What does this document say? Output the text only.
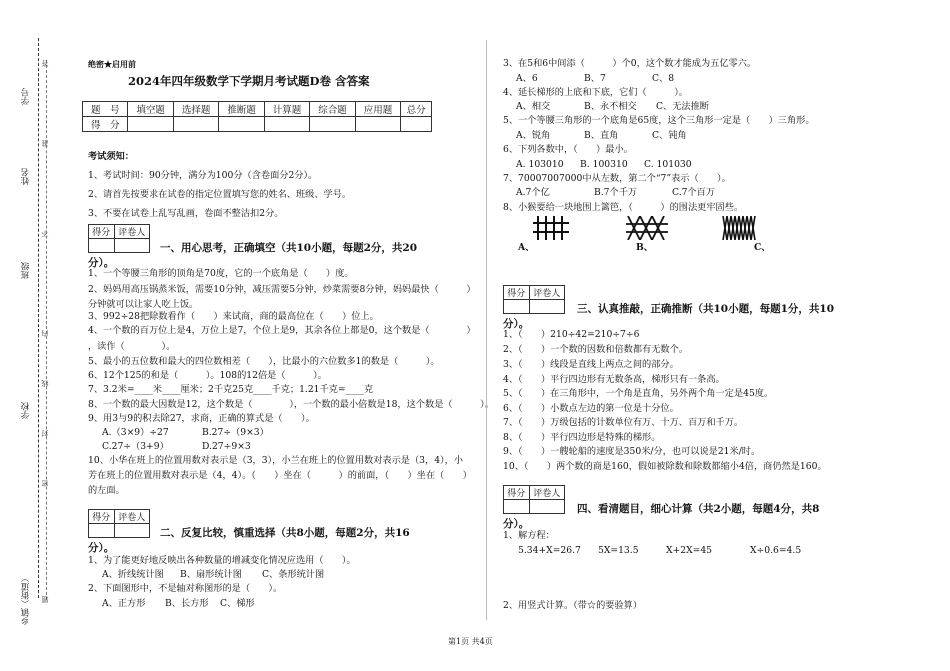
学号
姓名
班级
学校
乡镇（街道）
密
封
线
内
不
准
答
题
绝密★启用前
2024年四年级数学下学期月考试题D卷 含答案
题　号	填空题	选择题	推断题	计算题	综合题	应用题	总分
得　分							
考试须知：
1、考试时间：90分钟，满分为100分（含卷面分2分）。
2、请首先按要求在试卷的指定位置填写您的姓名、班级、学号。
3、不要在试卷上乱写乱画，卷面不整洁扣2分。
得分	评卷人

一、用心思考，正确填空（共10小题，每题2分，共20
分）。
1、一个等腰三角形的顶角是70度，它的一个底角是（　　）度。
2、妈妈用高压锅蒸米饭，需要10分钟，减压需要5分钟，炒菜需要8分钟，妈妈最快（　　　）
分钟就可以让家人吃上饭。
3、992÷28把除数看作（　　）来试商，商的最高位在（　　）位上。
4、一个数的百万位上是4，万位上是7，个位上是9，其余各位上都是0，这个数是（　　　　）
，读作（　　　　）。
5、最小的五位数和最大的四位数相差（　　），比最小的六位数多1的数是（　　　）。
6、12个125的和是（　　　）。108的12倍是（　　　）。
7、3.2米=____米____厘米；2千克25克____千克；1.21千克=____克
8、一个数的最大因数是12，这个数是（　　　　），一个数的最小倍数是18，这个数是（　　　）。
9、用3与9的积去除27，求商，正确的算式是（　　）。
A.（3×9）÷27	B.27÷（9×3）
C.27÷（3+9）	D.27÷9×3
10、小华在班上的位置用数对表示是（3，3），小兰在班上的位置用数对表示是（3，4），小
芳在班上的位置用数对表示是（4，4）。（　　）坐在（　　　）的前面，（　　）坐在（　　）
的左面。
得分	评卷人

二、反复比较，慎重选择（共8小题，每题2分，共16
分）。
1、为了能更好地反映出各种数量的增减变化情况应选用（　　）。
A、折线统计图 B、扇形统计图 C、条形统计图
2、下面图形中，不是轴对称图形的是（　　）。
A、正方形 B、长方形 C、梯形
3、在5和6中间添（　　　）个0，这个数才能成为五亿零六。
A、6	B、7	C、8
4、延长梯形的上底和下底，它们（　　　）。
A、相交	B、永不相交 C、无法推断
5、一个等腰三角形的一个底角是65度，这个三角形一定是（　　）三角形。
A、锐角	B、直角	C、钝角
6、下列各数中，（　　）最小。
A. 103010 B. 100310 C. 101030
7、70007007000中从左数，第二个“7”表示（　　）。
A.7个亿	B.7个千万	C.7个百万
8、小猴要给一块地围上篱笆，（　　　）的围法更牢固些。
A、	B、	C、
得分	评卷人

三、认真推敲，正确推断（共10小题，每题1分，共10
分）。
1、（　　）210÷42=210÷7÷6
2、（　　）一个数的因数和倍数都有无数个。
3、（　　）线段是直线上两点之间的部分。
4、（　　）平行四边形有无数条高，梯形只有一条高。
5、（　　）在三角形中，一个角是直角，另外两个角一定是45度。
6、（　　）小数点左边的第一位是十分位。
7、（　　）万级包括的计数单位有万、十万、百万和千万。
8、（　　）平行四边形是特殊的梯形。
9、（　　）一艘轮船的速度是350米/分，也可以说是21米/时。
10、（　　）两个数的商是160，假如被除数和除数都缩小4倍，商仍然是160。
得分	评卷人

四、看清题目，细心计算（共2小题，每题4分，共8
分）。
1、解方程：
5.34+X=26.7 5X=13.5	X+2X=45	X÷0.6=4.5
2、用竖式计算。（带☆的要验算）
第1页 共4页
